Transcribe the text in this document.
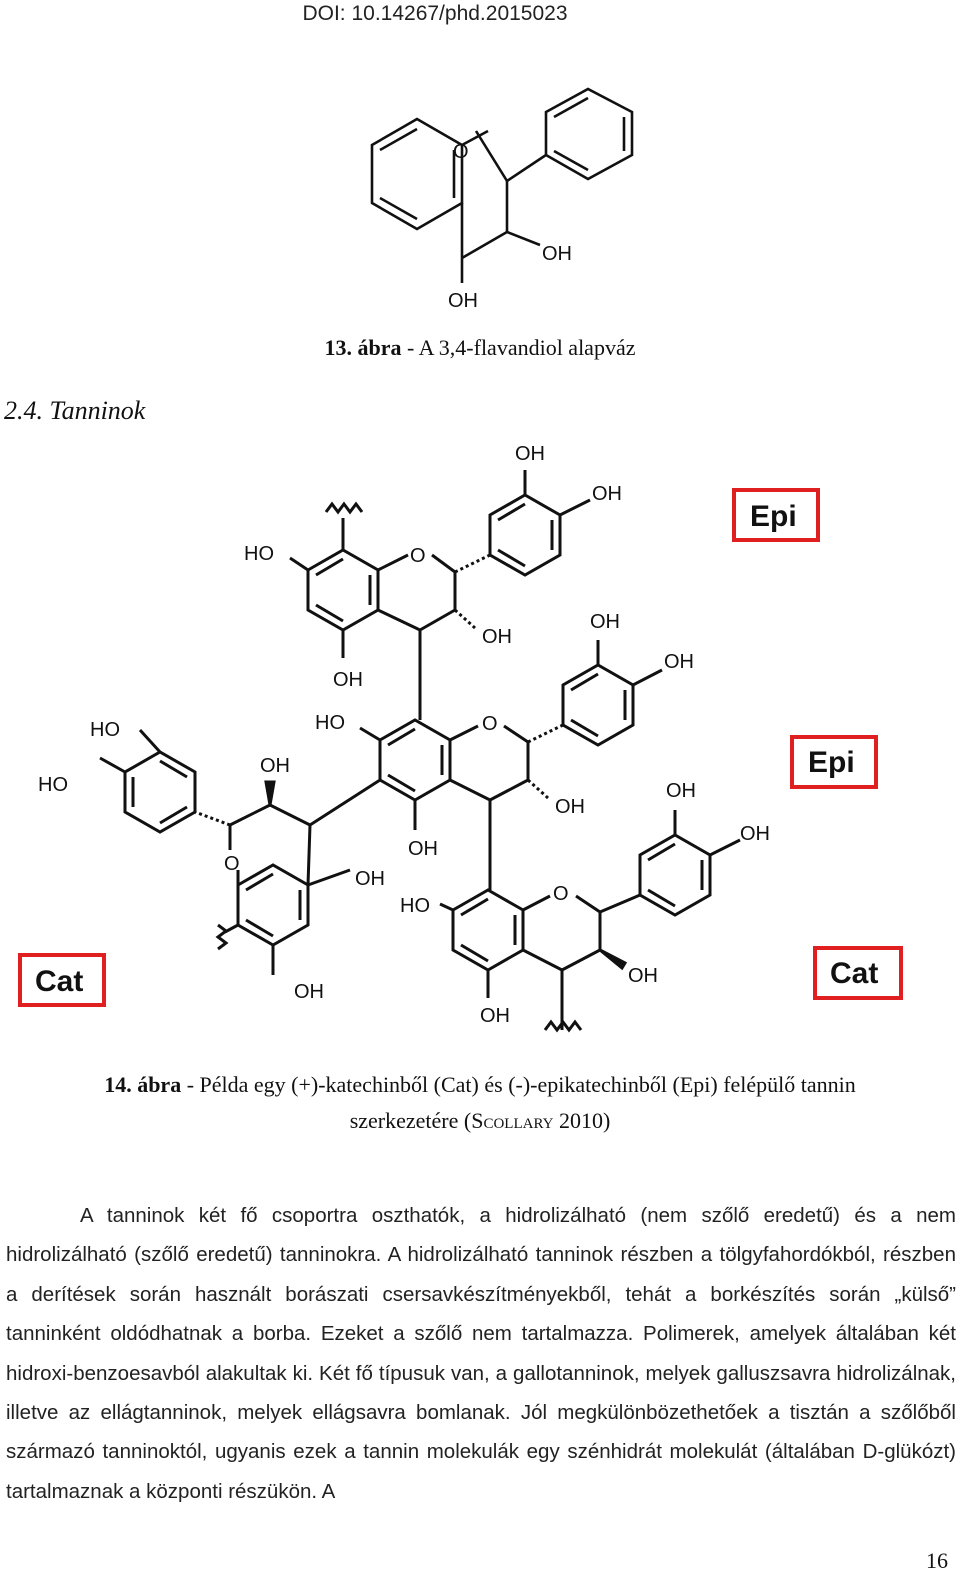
DOI: 10.14267/phd.2015023
O
OH
OH
13. ábra - A 3,4-flavandiol alapváz
2.4. Tanninok
Epi
Epi
Cat	Cat
OH
OH
HO	O
OH
OH
OH
OH
HO	O
OH
OH
OH
OH
HO
O
OH
OH
HO
HO
OH
O
OH
OH
14. ábra - Példa egy (+)-katechinből (Cat) és (-)-epikatechinből (Epi) felépülő tannin
szerkezetére (Scollary 2010)

A tanninok két fő csoportra oszthatók, a hidrolizálható (nem szőlő eredetű) és a nem hidrolizálható (szőlő eredetű) tanninokra. A hidrolizálható tanninok részben a tölgyfahordókból, részben a derítések során használt borászati csersavkészítményekből, tehát a borkészítés során „külső” tanninként oldódhatnak a borba. Ezeket a szőlő nem tartalmazza. Polimerek, amelyek általában két hidroxi-benzoesavból alakultak ki. Két fő típusuk van, a gallotanninok, melyek galluszsavra hidrolizálnak, illetve az ellágtanninok, melyek ellágsavra bomlanak. Jól megkülönbözethetőek a tisztán a szőlőből származó tanninoktól, ugyanis ezek a tannin molekulák egy szénhidrát molekulát (általában D-glükózt) tartalmaznak a központi részükön. A

16
